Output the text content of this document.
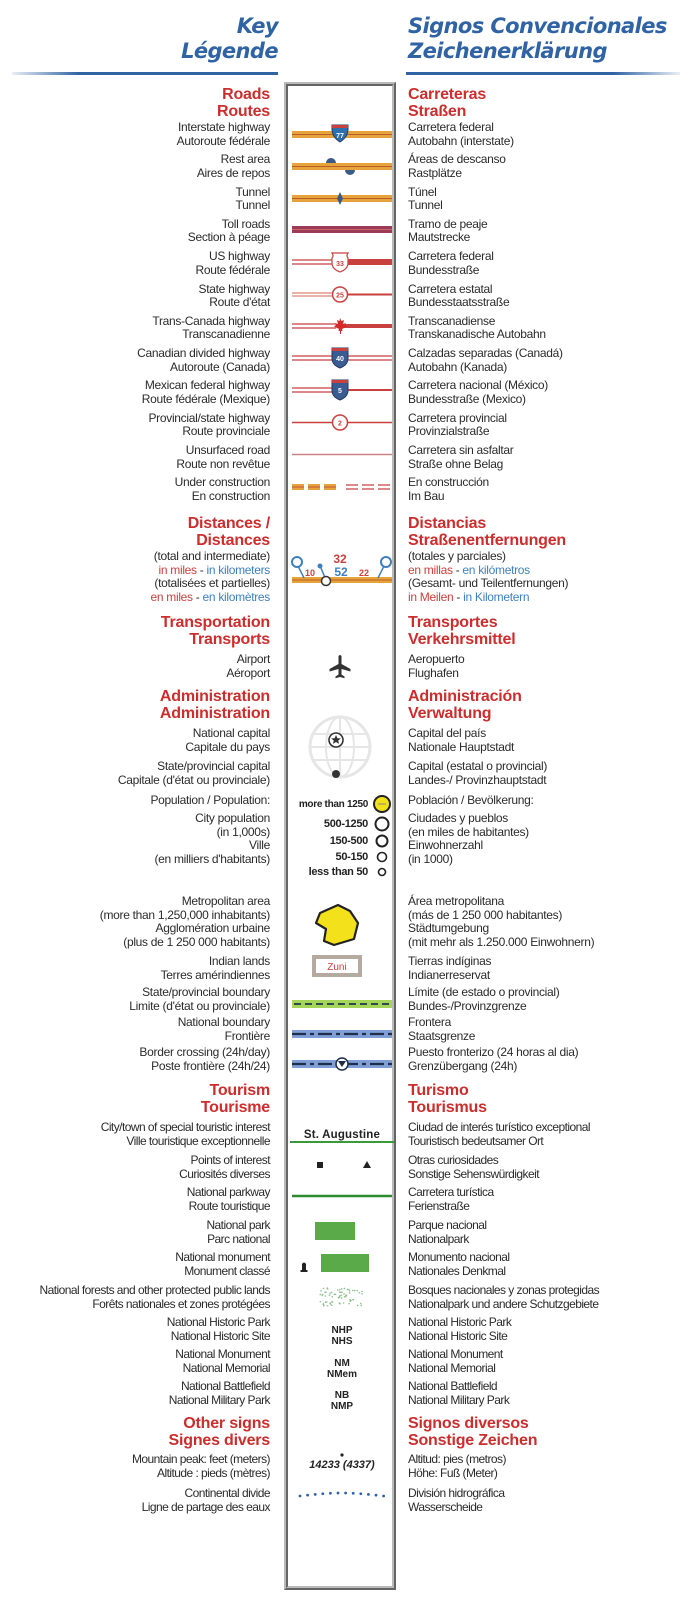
Key
Légende
Signos Convencionales
Zeichenerklärung
Roads
Routes
Carreteras
Straßen
Interstate highway
Autoroute fédérale
Carretera federal
Autobahn (interstate)
Rest area
Aires de repos
Áreas de descanso
Rastplätze
Tunnel
Tunnel
Túnel
Tunnel
Toll roads
Section à péage
Tramo de peaje
Mautstrecke
US highway
Route fédérale
Carretera federal
Bundesstraße
State highway
Route d'état
Carretera estatal
Bundesstaatsstraße
Trans-Canada highway
Transcanadienne
Transcanadiense
Transkanadische Autobahn
Canadian divided highway
Autoroute (Canada)
Calzadas separadas (Canadá)
Autobahn (Kanada)
Mexican federal highway
Route fédérale (Mexique)
Carretera nacional (México)
Bundesstraße (Mexico)
Provincial/state highway
Route provinciale
Carretera provincial
Provinzialstraße
Unsurfaced road
Route non revêtue
Carretera sin asfaltar
Straße ohne Belag
Under construction
En construction
En construcción
Im Bau
77
33
25
40
5
2
Distances /
Distances
Distancias
Straßenentfernungen
(total and intermediate)
in miles - in kilometers
(totalisées et partielles)
en miles - en kilomètres
(totales y parciales)
en millas - en kilómetros
(Gesamt- und Teilentfernungen)
in Meilen - in Kilometern
10
32
52 22
Transportation
Transports
Transportes
Verkehrsmittel
Airport
Aéroport
Aeropuerto
Flughafen
Administration
Administration
Administración
Verwaltung
National capital
Capitale du pays
Capital del país
Nationale Hauptstadt
State/provincial capital
Capitale (d'état ou provinciale)
Capital (estatal o provincial)
Landes-/ Provinzhauptstadt
Population / Population:	Población / Bevölkerung:
City population
(in 1,000s)
Ville
(en milliers d'habitants)
Ciudades y pueblos
(en miles de habitantes)
Einwohnerzahl
(in 1000)
more than 1250
500-1250
150-500
50-150
less than 50
Metropolitan area
(more than 1,250,000 inhabitants)
Agglomération urbaine
(plus de 1 250 000 habitants)
Área metropolitana
(más de 1 250 000 habitantes)
Städtumgebung
(mit mehr als 1.250.000 Einwohnern)
Indian lands
Terres amérindiennes
Tierras indíginas
Indianerreservat
State/provincial boundary
Limite (d'état ou provinciale)
Límite (de estado o provincial)
Bundes-/Provinzgrenze
National boundary
Frontière
Frontera
Staatsgrenze
Border crossing (24h/day)
Poste frontière (24h/24)
Puesto fronterizo (24 horas al dia)
Grenzübergang (24h)
Zuni
Tourism
Tourisme
Turismo
Tourismus
City/town of special touristic interest
Ville touristique exceptionnelle
Ciudad de interés turístico exceptional
Touristisch bedeutsamer Ort
Points of interest
Curiosités diverses
Otras curiosidades
Sonstige Sehenswürdigkeit
National parkway
Route touristique
Carretera turística
Ferienstraße
National park
Parc national
Parque nacional
Nationalpark
National monument
Monument classé
Monumento nacional
Nationales Denkmal
National forests and other protected public lands
Forêts nationales et zones protégées
Bosques nacionales y zonas protegidas
Nationalpark und andere Schutzgebiete
National Historic Park
National Historic Site
National Historic Park
National Historic Site
National Monument
National Memorial
National Monument
National Memorial
National Battlefield
National Military Park
National Battlefield
National Military Park
St. Augustine
NHP
NHS
NM
NMem
NB
NMP
Other signs
Signes divers
Signos diversos
Sonstige Zeichen
Mountain peak: feet (meters)
Altitude : pieds (mètres)
Altitud: pies (metros)
Höhe: Fuß (Meter)
Continental divide
Ligne de partage des eaux
División hidrográfica
Wasserscheide
14233 (4337)
